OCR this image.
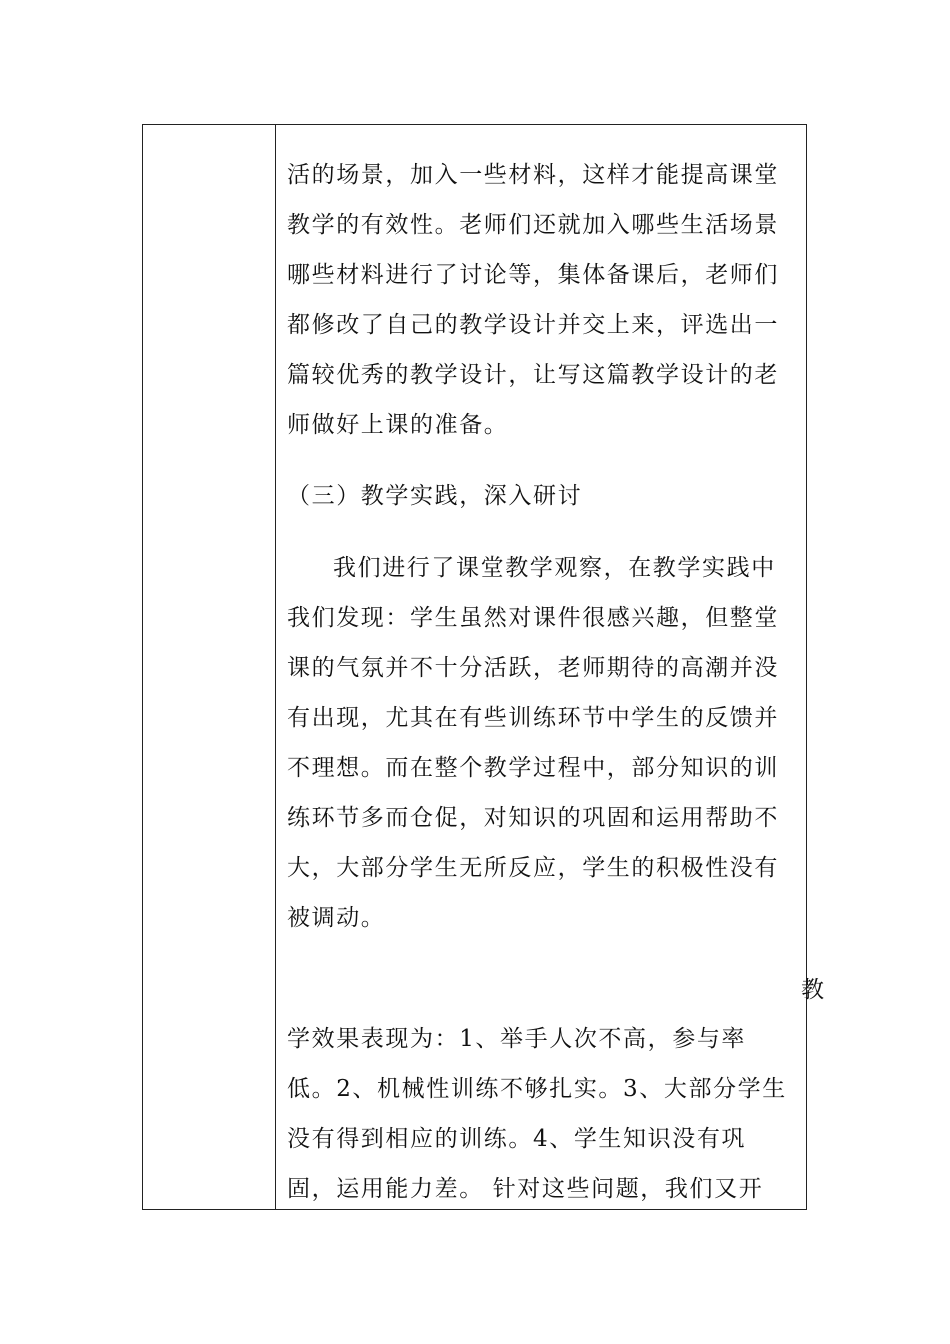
活的场景，加入一些材料，这样才能提高课堂
教学的有效性。老师们还就加入哪些生活场景
哪些材料进行了讨论等，集体备课后，老师们
都修改了自己的教学设计并交上来，评选出一
篇较优秀的教学设计，让写这篇教学设计的老
师做好上课的准备。
（三）教学实践，深入研讨
我们进行了课堂教学观察，在教学实践中
我们发现：学生虽然对课件很感兴趣，但整堂
课的气氛并不十分活跃，老师期待的高潮并没
有出现，尤其在有些训练环节中学生的反馈并
不理想。而在整个教学过程中，部分知识的训
练环节多而仓促，对知识的巩固和运用帮助不
大，大部分学生无所反应，学生的积极性没有
被调动。
教
学效果表现为：1、举手人次不高，参与率
低。2、机械性训练不够扎实。3、大部分学生
没有得到相应的训练。4、学生知识没有巩
固，运用能力差。 针对这些问题，我们又开
